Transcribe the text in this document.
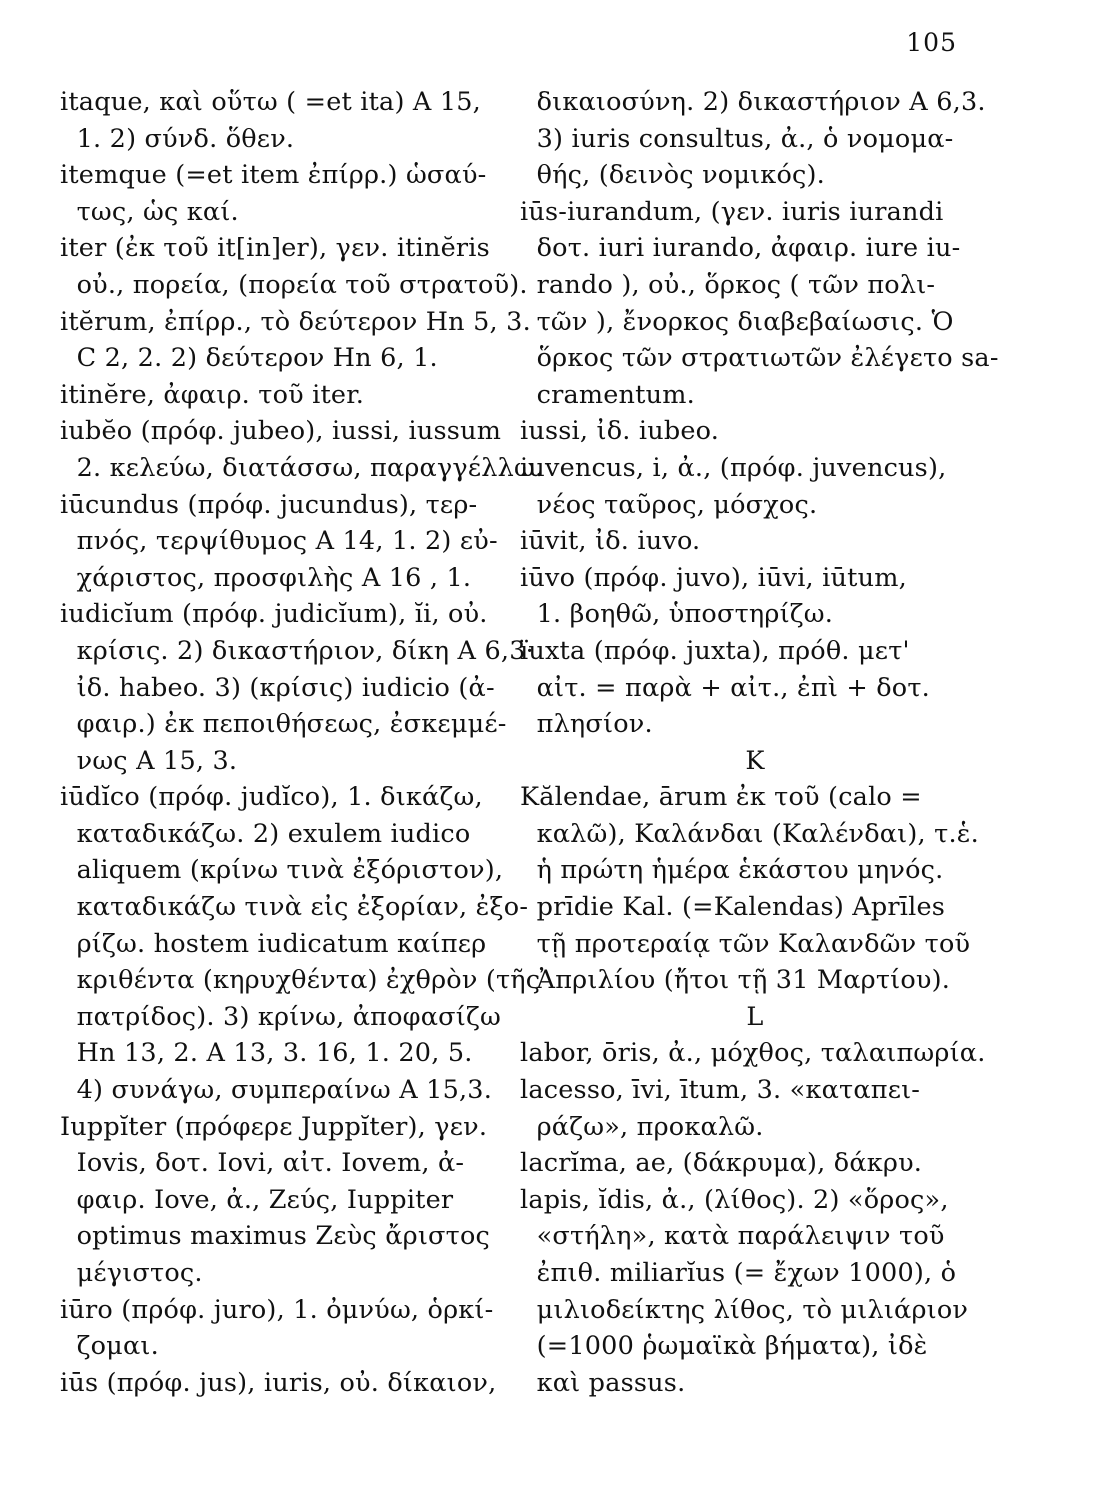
105
itaque, καὶ οὕτω ( =et ita) A 15,
1. 2) σύνδ. ὅθεν.
itemque (=et item ἐπίρρ.) ὡσαύ-
τως, ὡς καί.
iter (ἐκ τοῦ it[in]er), γεν. itinĕris
οὐ., πορεία, (πορεία τοῦ στρατοῦ).
itĕrum, ἐπίρρ., τὸ δεύτερον Hn 5, 3.
C 2, 2. 2) δεύτερον Hn 6, 1.
itinĕre, ἀφαιρ. τοῦ iter.
iubĕo (πρόφ. jubeo), iussi, iussum
2. κελεύω, διατάσσω, παραγγέλλω.
iūcundus (πρόφ. jucundus), τερ-
πνός, τερψίθυμος A 14, 1. 2) εὐ-
χάριστος, προσφιλὴς A 16 , 1.
iudicĭum (πρόφ. judicĭum), ĭi, οὐ.
κρίσις. 2) δικαστήριον, δίκη A 6,3·
ἰδ. habeo. 3) (κρίσις) iudicio (ἀ-
φαιρ.) ἐκ πεποιθήσεως, ἐσκεμμέ-
νως A 15, 3.
iūdĭco (πρόφ. judĭco), 1. δικάζω,
καταδικάζω. 2) exulem iudico
aliquem (κρίνω τινὰ ἐξόριστον),
καταδικάζω τινὰ εἰς ἐξορίαν, ἐξο-
ρίζω. hostem iudicatum καίπερ
κριθέντα (κηρυχθέντα) ἐχθρὸν (τῆς
πατρίδος). 3) κρίνω, ἀποφασίζω
Hn 13, 2. A 13, 3. 16, 1. 20, 5.
4) συνάγω, συμπεραίνω A 15,3.
Iuppĭter (πρόφερε Juppĭter), γεν.
Iovis, δοτ. Iovi, αἰτ. Iovem, ἀ-
φαιρ. Iove, ἀ., Ζεύς, Iuppiter
optimus maximus Ζεὺς ἄριστος
μέγιστος.
iūro (πρόφ. juro), 1. ὀμνύω, ὁρκί-
ζομαι.
iūs (πρόφ. jus), iuris, οὐ. δίκαιον,
δικαιοσύνη. 2) δικαστήριον A 6,3.
3) iuris consultus, ἀ., ὁ νομομα-
θής, (δεινὸς νομικός).
iūs-iurandum, (γεν. iuris iurandi
δοτ. iuri iurando, ἀφαιρ. iure iu-
rando ), οὐ., ὅρκος ( τῶν πολι-
τῶν ), ἔνορκος διαβεβαίωσις. Ὁ
ὅρκος τῶν στρατιωτῶν ἐλέγετο sa-
cramentum.
iussi, ἰδ. iubeo.
iuvencus, i, ἀ., (πρόφ. juvencus),
νέος ταῦρος, μόσχος.
iūvit, ἰδ. iuvo.
iūvo (πρόφ. juvo), iūvi, iūtum,
1. βοηθῶ, ὑποστηρίζω.
ïuxta (πρόφ. juxta), πρόθ. μετ'
αἰτ. = παρὰ + αἰτ., ἐπὶ + δοτ.
πλησίον.
K
Kălendae, ārum ἐκ τοῦ (calo =
καλῶ), Καλάνδαι (Καλένδαι), τ.ἑ.
ἡ πρώτη ἡμέρα ἑκάστου μηνός.
prīdie Kal. (=Kalendas) Aprīles
τῇ προτεραίᾳ τῶν Καλανδῶν τοῦ
Ἀπριλίου (ἤτοι τῇ 31 Μαρτίου).
L
labor, ōris, ἀ., μόχθος, ταλαιπωρία.
lacesso, īvi, ītum, 3. «καταπει-
ράζω», προκαλῶ.
lacrĭma, ae, (δάκρυμα), δάκρυ.
lapis, ĭdis, ἀ., (λίθος). 2) «ὅρος»,
«στήλη», κατὰ παράλειψιν τοῦ
ἐπιθ. miliarĭus (= ἔχων 1000), ὁ
μιλιοδείκτης λίθος, τὸ μιλιάριον
(=1000 ῥωμαϊκὰ βήματα), ἰδὲ
καὶ passus.
